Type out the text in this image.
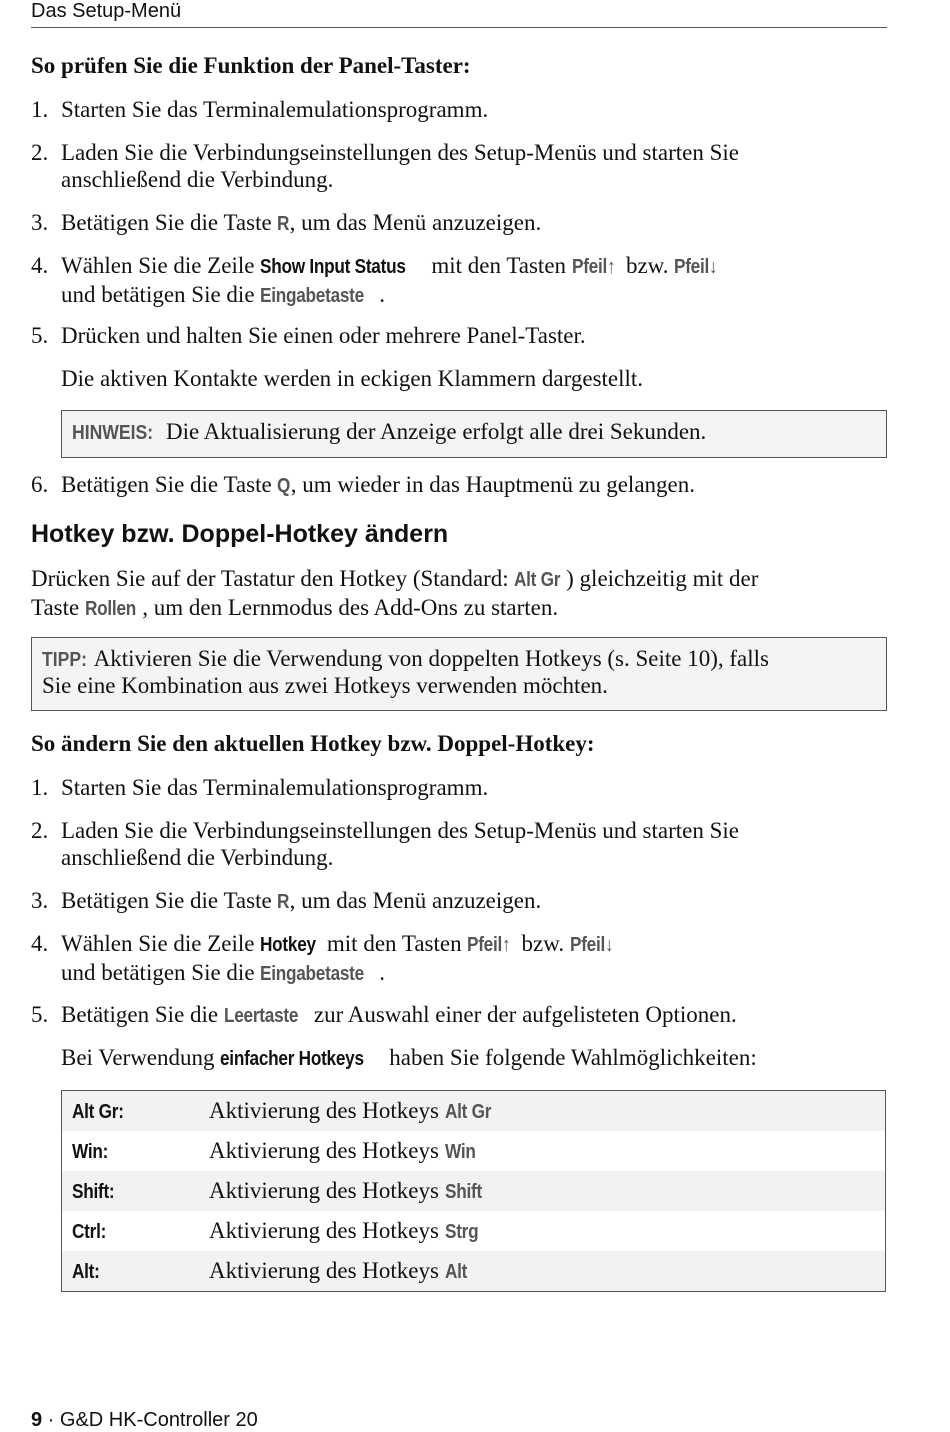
Das Setup-Menü
So prüfen Sie die Funktion der Panel-Taster:
1. Starten Sie das Terminalemulationsprogramm.
2. Laden Sie die Verbindungseinstellungen des Setup-Menüs und starten Sie
anschließend die Verbindung.
3. Betätigen Sie die Taste R, um das Menü anzuzeigen.
4. Wählen Sie die Zeile Show Input Status mit den Tasten Pfeil↑ bzw. Pfeil↓
und betätigen Sie die Eingabetaste .
5. Drücken und halten Sie einen oder mehrere Panel-Taster.
Die aktiven Kontakte werden in eckigen Klammern dargestellt.
HINWEIS: Die Aktualisierung der Anzeige erfolgt alle drei Sekunden.
6. Betätigen Sie die Taste Q, um wieder in das Hauptmenü zu gelangen.
Hotkey bzw. Doppel-Hotkey ändern
Drücken Sie auf der Tastatur den Hotkey (Standard: Alt Gr ) gleichzeitig mit der
Taste Rollen , um den Lernmodus des Add-Ons zu starten.
TIPP: Aktivieren Sie die Verwendung von doppelten Hotkeys (s. Seite 10), falls
Sie eine Kombination aus zwei Hotkeys verwenden möchten.
So ändern Sie den aktuellen Hotkey bzw. Doppel-Hotkey:
1. Starten Sie das Terminalemulationsprogramm.
2. Laden Sie die Verbindungseinstellungen des Setup-Menüs und starten Sie
anschließend die Verbindung.
3. Betätigen Sie die Taste R, um das Menü anzuzeigen.
4. Wählen Sie die Zeile Hotkey mit den Tasten Pfeil↑ bzw. Pfeil↓
und betätigen Sie die Eingabetaste .
5. Betätigen Sie die Leertaste zur Auswahl einer der aufgelisteten Optionen.
Bei Verwendung einfacher Hotkeys haben Sie folgende Wahlmöglichkeiten:
Alt Gr:	Aktivierung des Hotkeys Alt Gr
Win:	Aktivierung des Hotkeys Win
Shift:	Aktivierung des Hotkeys Shift
Ctrl:	Aktivierung des Hotkeys Strg
Alt:	Aktivierung des Hotkeys Alt
9 · G&D HK-Controller 20
